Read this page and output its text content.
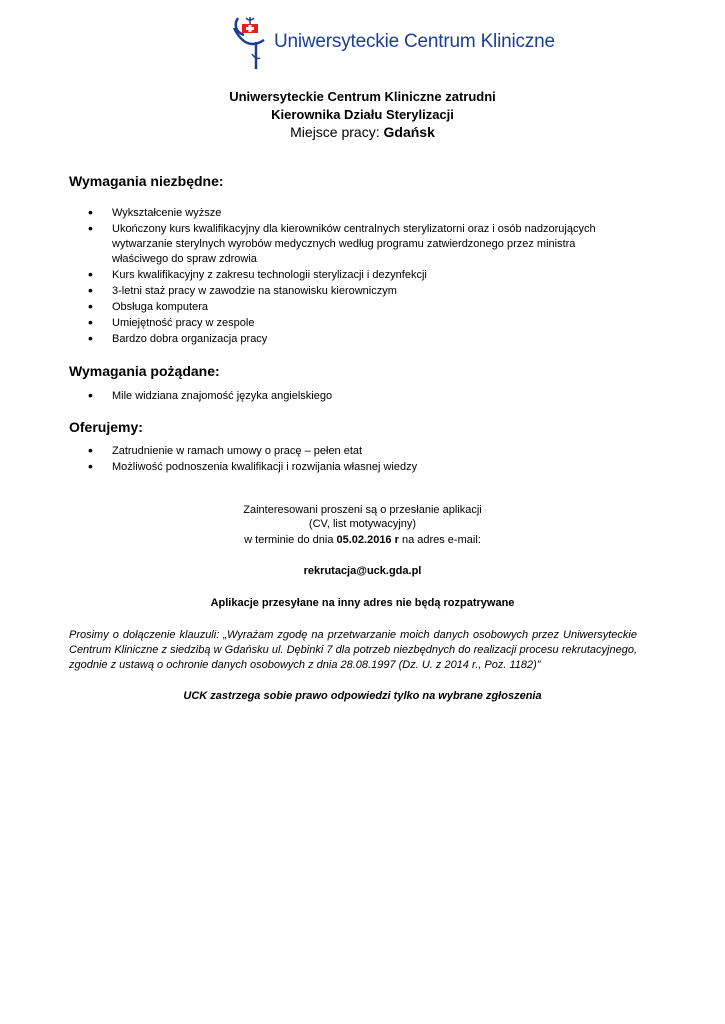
Uniwersyteckie Centrum Kliniczne
Uniwersyteckie Centrum Kliniczne zatrudni
Kierownika Działu Sterylizacji
Miejsce pracy: Gdańsk
Wymagania niezbędne:
• Wykształcenie wyższe
• Ukończony kurs kwalifikacyjny dla kierowników centralnych sterylizatorni oraz i osób nadzorujących wytwarzanie sterylnych wyrobów medycznych według programu zatwierdzonego przez ministra właściwego do spraw zdrowia
• Kurs kwalifikacyjny z zakresu technologii sterylizacji i dezynfekcji
• 3-letni staż pracy w zawodzie na stanowisku kierowniczym
• Obsługa komputera
• Umiejętność pracy w zespole
• Bardzo dobra organizacja pracy
Wymagania pożądane:
• Mile widziana znajomość języka angielskiego
Oferujemy:
• Zatrudnienie w ramach umowy o pracę – pełen etat
• Możliwość podnoszenia kwalifikacji i rozwijania własnej wiedzy
Zainteresowani proszeni są o przesłanie aplikacji
(CV, list motywacyjny)
w terminie do dnia 05.02.2016 r na adres e-mail:
rekrutacja@uck.gda.pl
Aplikacje przesyłane na inny adres nie będą rozpatrywane
Prosimy o dołączenie klauzuli: „Wyrażam zgodę na przetwarzanie moich danych osobowych przez Uniwersyteckie Centrum Kliniczne z siedzibą w Gdańsku ul. Dębinki 7 dla potrzeb niezbędnych do realizacji procesu rekrutacyjnego, zgodnie z ustawą o ochronie danych osobowych z dnia 28.08.1997 (Dz. U. z 2014 r., Poz. 1182)”
UCK zastrzega sobie prawo odpowiedzi tylko na wybrane zgłoszenia
